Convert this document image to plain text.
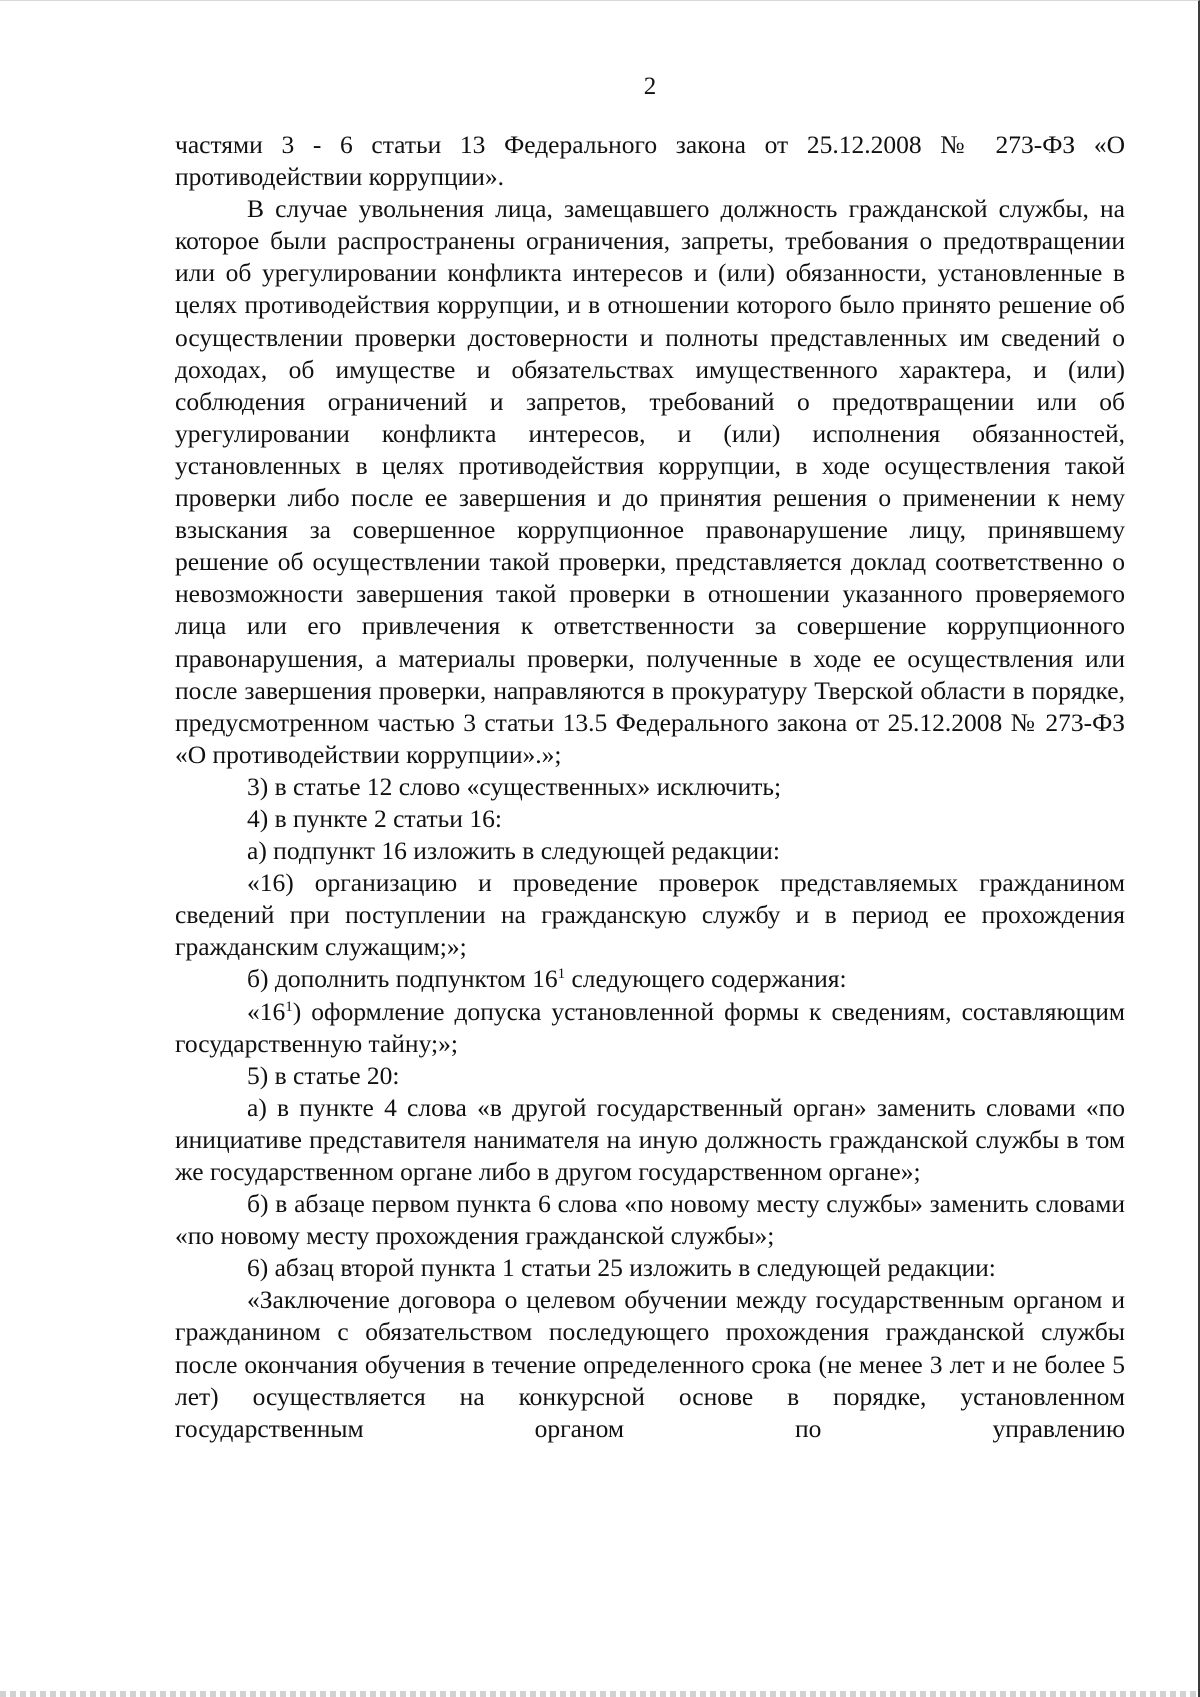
2

частями 3 - 6 статьи 13 Федерального закона от 25.12.2008 № 273-ФЗ «О противодействии коррупции».

В случае увольнения лица, замещавшего должность гражданской службы, на которое были распространены ограничения, запреты, требования о предотвращении или об урегулировании конфликта интересов и (или) обязанности, установленные в целях противодействия коррупции, и в отношении которого было принято решение об осуществлении проверки достоверности и полноты представленных им сведений о доходах, об имуществе и обязательствах имущественного характера, и (или) соблюдения ограничений и запретов, требований о предотвращении или об урегулировании конфликта интересов, и (или) исполнения обязанностей, установленных в целях противодействия коррупции, в ходе осуществления такой проверки либо после ее завершения и до принятия решения о применении к нему взыскания за совершенное коррупционное правонарушение лицу, принявшему решение об осуществлении такой проверки, представляется доклад соответственно о невозможности завершения такой проверки в отношении указанного проверяемого лица или его привлечения к ответственности за совершение коррупционного правонарушения, а материалы проверки, полученные в ходе ее осуществления или после завершения проверки, направляются в прокуратуру Тверской области в порядке, предусмотренном частью 3 статьи 13.5 Федерального закона от 25.12.2008 № 273-ФЗ «О противодействии коррупции».»;

3) в статье 12 слово «существенных» исключить;

4) в пункте 2 статьи 16:

а) подпункт 16 изложить в следующей редакции:

«16) организацию и проведение проверок представляемых гражданином сведений при поступлении на гражданскую службу и в период ее прохождения гражданским служащим;»;

б) дополнить подпунктом $16^1$ следующего содержания:

«$16^1$) оформление допуска установленной формы к сведениям, составляющим государственную тайну;»;

5) в статье 20:

а) в пункте 4 слова «в другой государственный орган» заменить словами «по инициативе представителя нанимателя на иную должность гражданской службы в том же государственном органе либо в другом государственном органе»;

б) в абзаце первом пункта 6 слова «по новому месту службы» заменить словами «по новому месту прохождения гражданской службы»;

6) абзац второй пункта 1 статьи 25 изложить в следующей редакции:

«Заключение договора о целевом обучении между государственным органом и гражданином с обязательством последующего прохождения гражданской службы после окончания обучения в течение определенного срока (не менее 3 лет и не более 5 лет) осуществляется на конкурсной основе в порядке, установленном государственным органом по управлению
